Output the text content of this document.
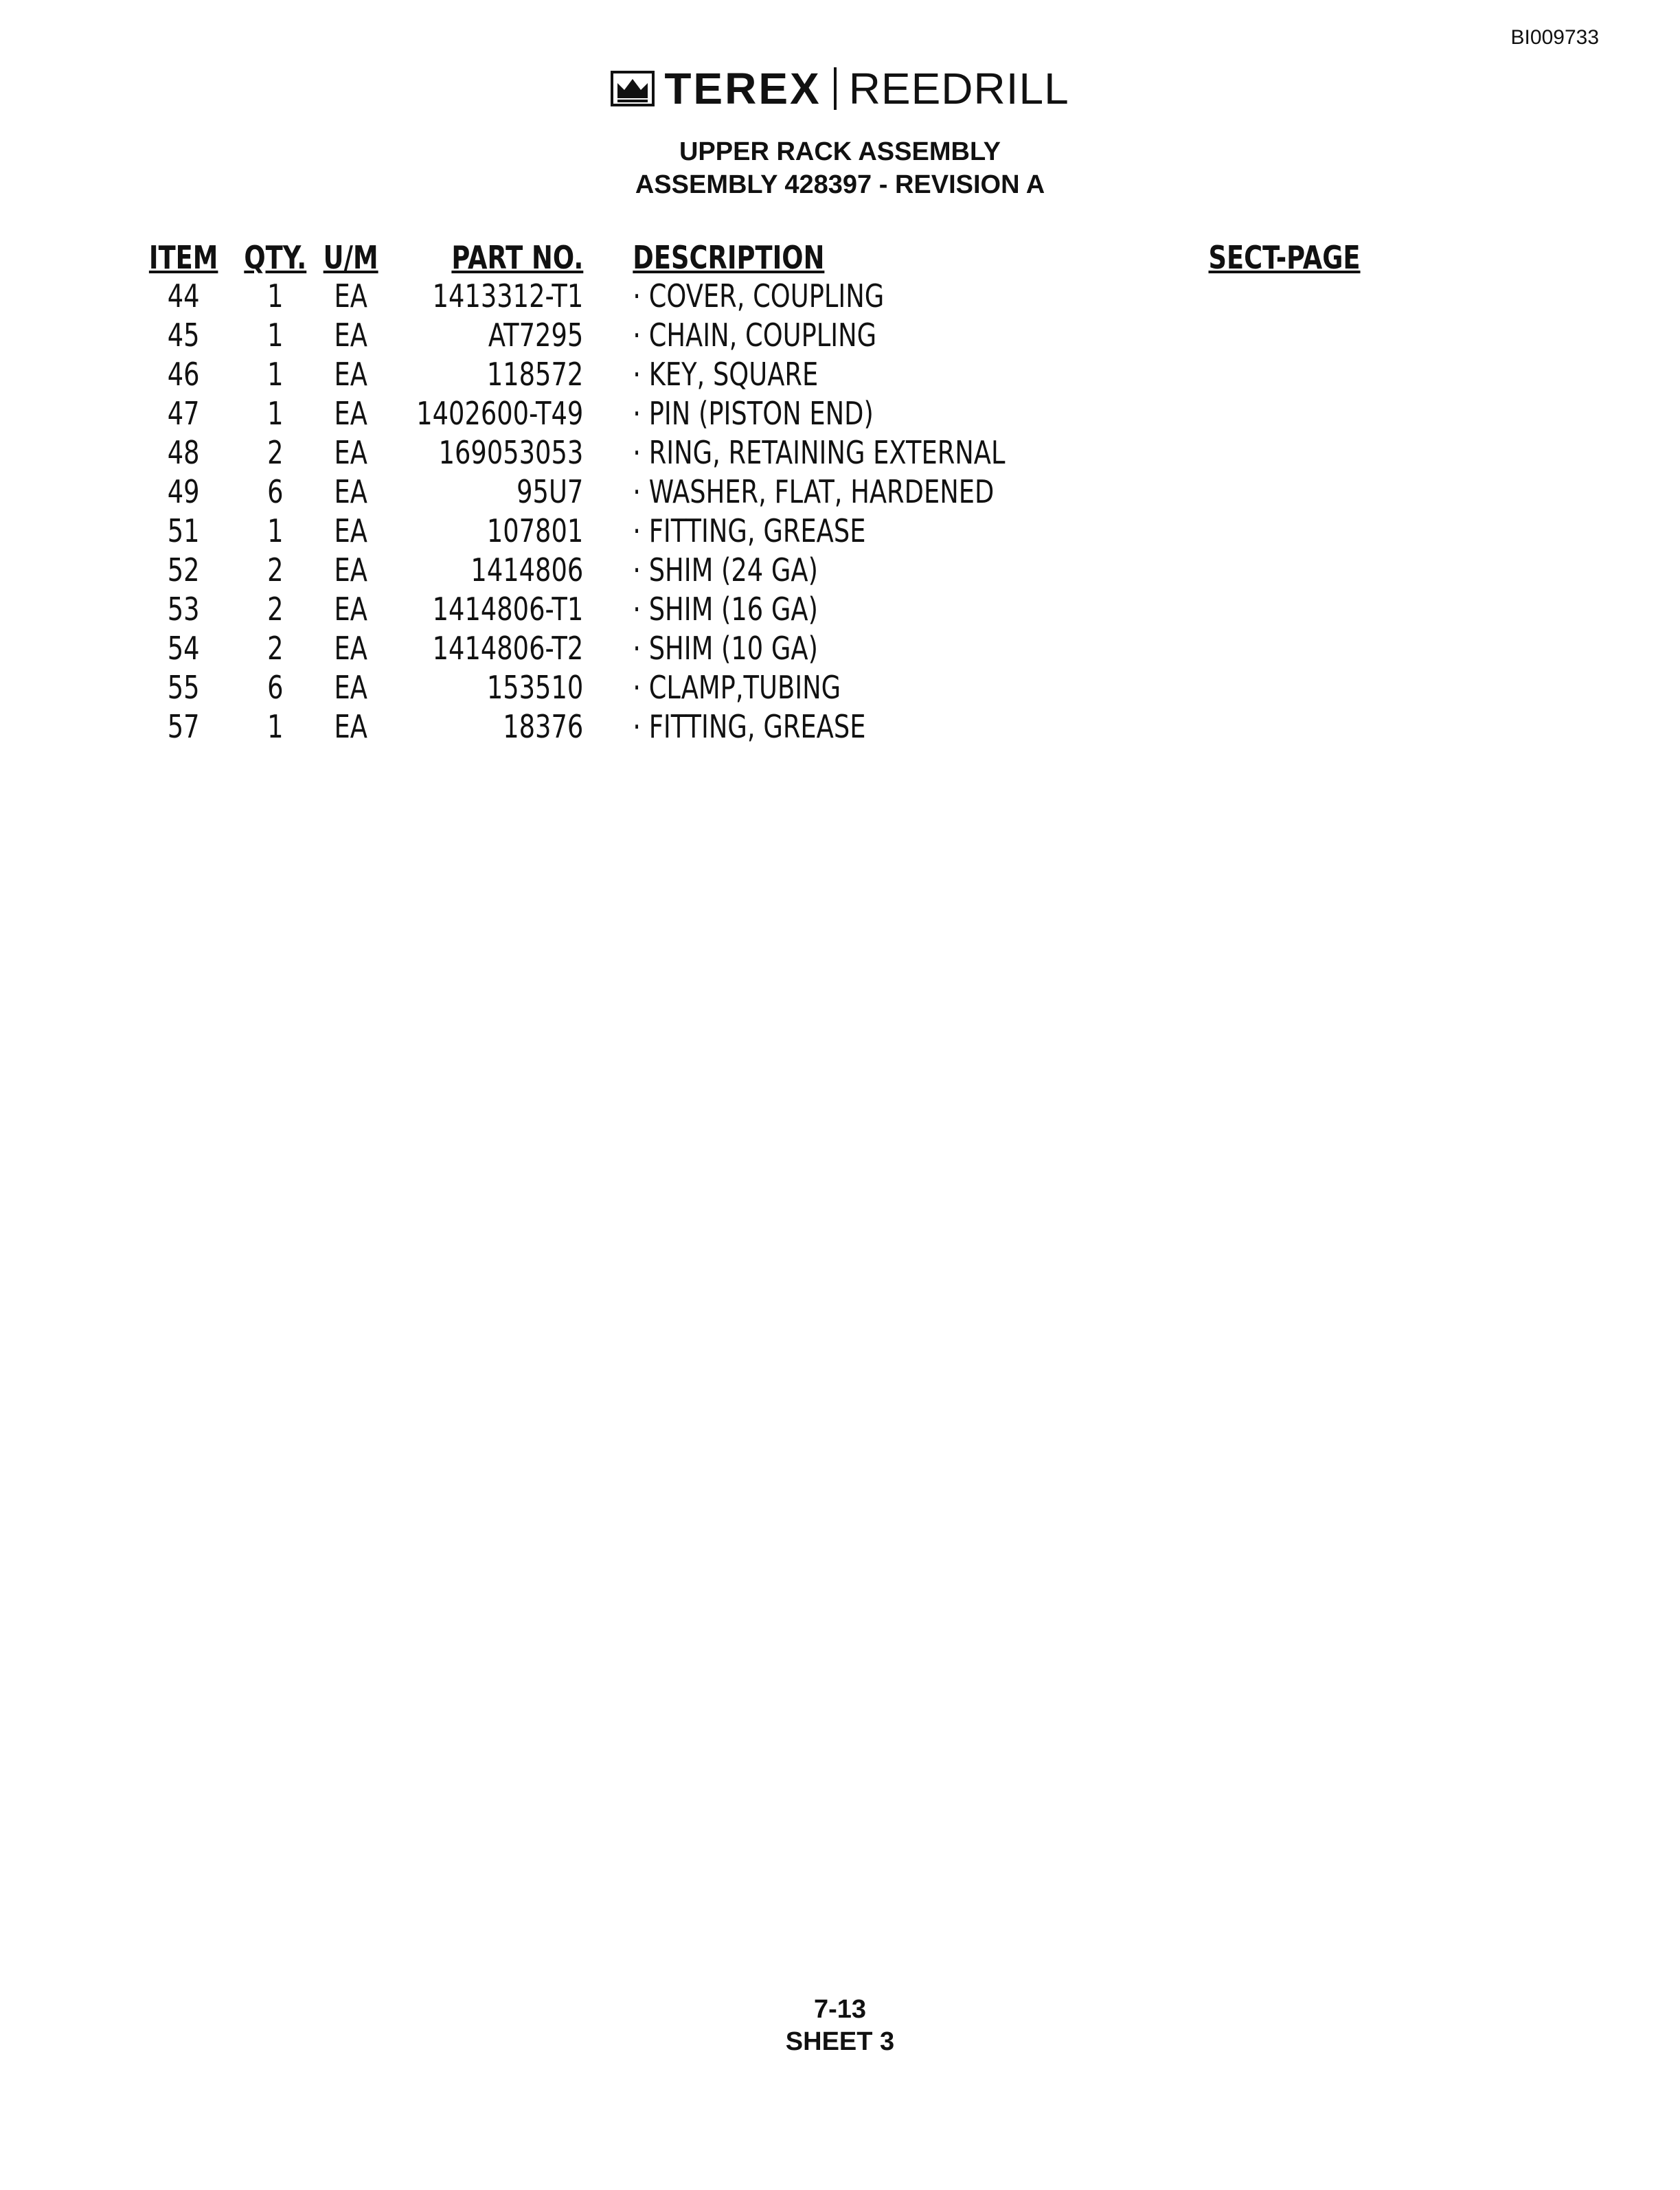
BI009733
TEREX REEDRILL
UPPER RACK ASSEMBLY
ASSEMBLY 428397 - REVISION A
ITEM	QTY.	U/M	PART NO.	DESCRIPTION	SECT-PAGE
44	1	EA	1413312-T1	· COVER, COUPLING	
45	1	EA	AT7295	· CHAIN, COUPLING	
46	1	EA	118572	· KEY, SQUARE	
47	1	EA	1402600-T49	· PIN (PISTON END)	
48	2	EA	169053053	· RING, RETAINING EXTERNAL	
49	6	EA	95U7	· WASHER, FLAT, HARDENED	
51	1	EA	107801	· FITTING, GREASE	
52	2	EA	1414806	· SHIM (24 GA)	
53	2	EA	1414806-T1	· SHIM (16 GA)	
54	2	EA	1414806-T2	· SHIM (10 GA)	
55	6	EA	153510	· CLAMP,TUBING	
57	1	EA	18376	· FITTING, GREASE	
7-13
SHEET 3
